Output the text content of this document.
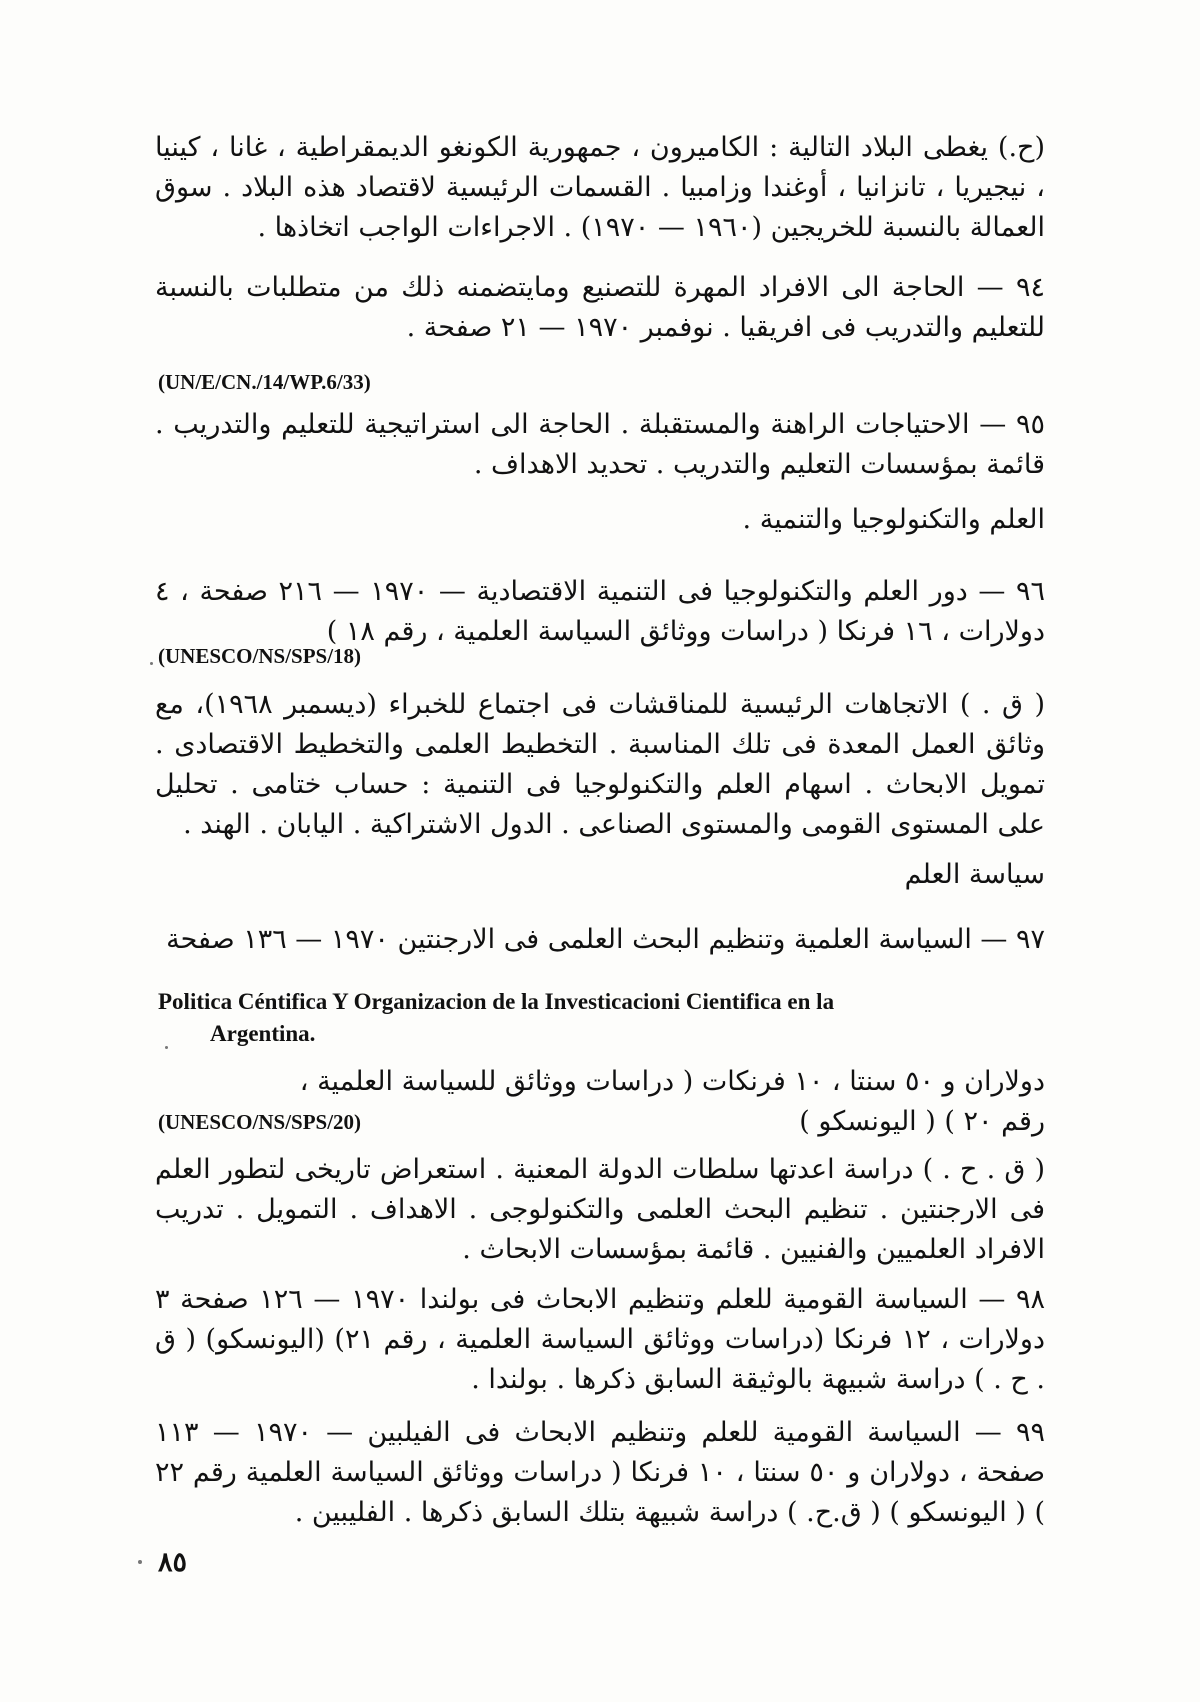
(ح.) يغطى البلاد التالية : الكاميرون ، جمهورية الكونغو الديمقراطية ، غانا ، كينيا ، نيجيريا ، تانزانيا ، أوغندا وزامبيا . القسمات الرئيسية لاقتصاد هذه البلاد . سوق العمالة بالنسبة للخريجين (١٩٦٠ — ١٩٧٠) . الاجراءات الواجب اتخاذها .

٩٤ — الحاجة الى الافراد المهرة للتصنيع ومايتضمنه ذلك من متطلبات بالنسبة للتعليم والتدريب فى افريقيا . نوفمبر ١٩٧٠ — ٢١ صفحة .

(UN/E/CN./14/WP.6/33)

٩٥ — الاحتياجات الراهنة والمستقبلة . الحاجة الى استراتيجية للتعليم والتدريب . قائمة بمؤسسات التعليم والتدريب . تحديد الاهداف .

العلم والتكنولوجيا والتنمية .

٩٦ — دور العلم والتكنولوجيا فى التنمية الاقتصادية — ١٩٧٠ — ٢١٦ صفحة ، ٤ دولارات ، ١٦ فرنكا ( دراسات ووثائق السياسة العلمية ، رقم ١٨ )

(UNESCO/NS/SPS/18)

( ق . ) الاتجاهات الرئيسية للمناقشات فى اجتماع للخبراء (ديسمبر ١٩٦٨)، مع وثائق العمل المعدة فى تلك المناسبة . التخطيط العلمى والتخطيط الاقتصادى . تمويل الابحاث . اسهام العلم والتكنولوجيا فى التنمية : حساب ختامى . تحليل على المستوى القومى والمستوى الصناعى . الدول الاشتراكية . اليابان . الهند .

سياسة العلم

٩٧ — السياسة العلمية وتنظيم البحث العلمى فى الارجنتين ١٩٧٠ — ١٣٦ صفحة

Politica Céntifica Y Organizacion de la Investicacioni Cientifica en la

Argentina.

دولاران و ٥٠ سنتا ، ١٠ فرنكات ( دراسات ووثائق للسياسة العلمية ،

رقم ٢٠ ) ( اليونسكو )
(UNESCO/NS/SPS/20)

( ق . ح . ) دراسة اعدتها سلطات الدولة المعنية . استعراض تاريخى لتطور العلم فى الارجنتين . تنظيم البحث العلمى والتكنولوجى . الاهداف . التمويل . تدريب الافراد العلميين والفنيين . قائمة بمؤسسات الابحاث .

٩٨ — السياسة القومية للعلم وتنظيم الابحاث فى بولندا ١٩٧٠ — ١٢٦ صفحة ٣ دولارات ، ١٢ فرنكا (دراسات ووثائق السياسة العلمية ، رقم ٢١) (اليونسكو) ( ق . ح . ) دراسة شبيهة بالوثيقة السابق ذكرها . بولندا .

٩٩ — السياسة القومية للعلم وتنظيم الابحاث فى الفيلبين — ١٩٧٠ — ١١٣ صفحة ، دولاران و ٥٠ سنتا ، ١٠ فرنكا ( دراسات ووثائق السياسة العلمية رقم ٢٢ ) ( اليونسكو ) ( ق.ح. ) دراسة شبيهة بتلك السابق ذكرها . الفليبين .

٨٥
